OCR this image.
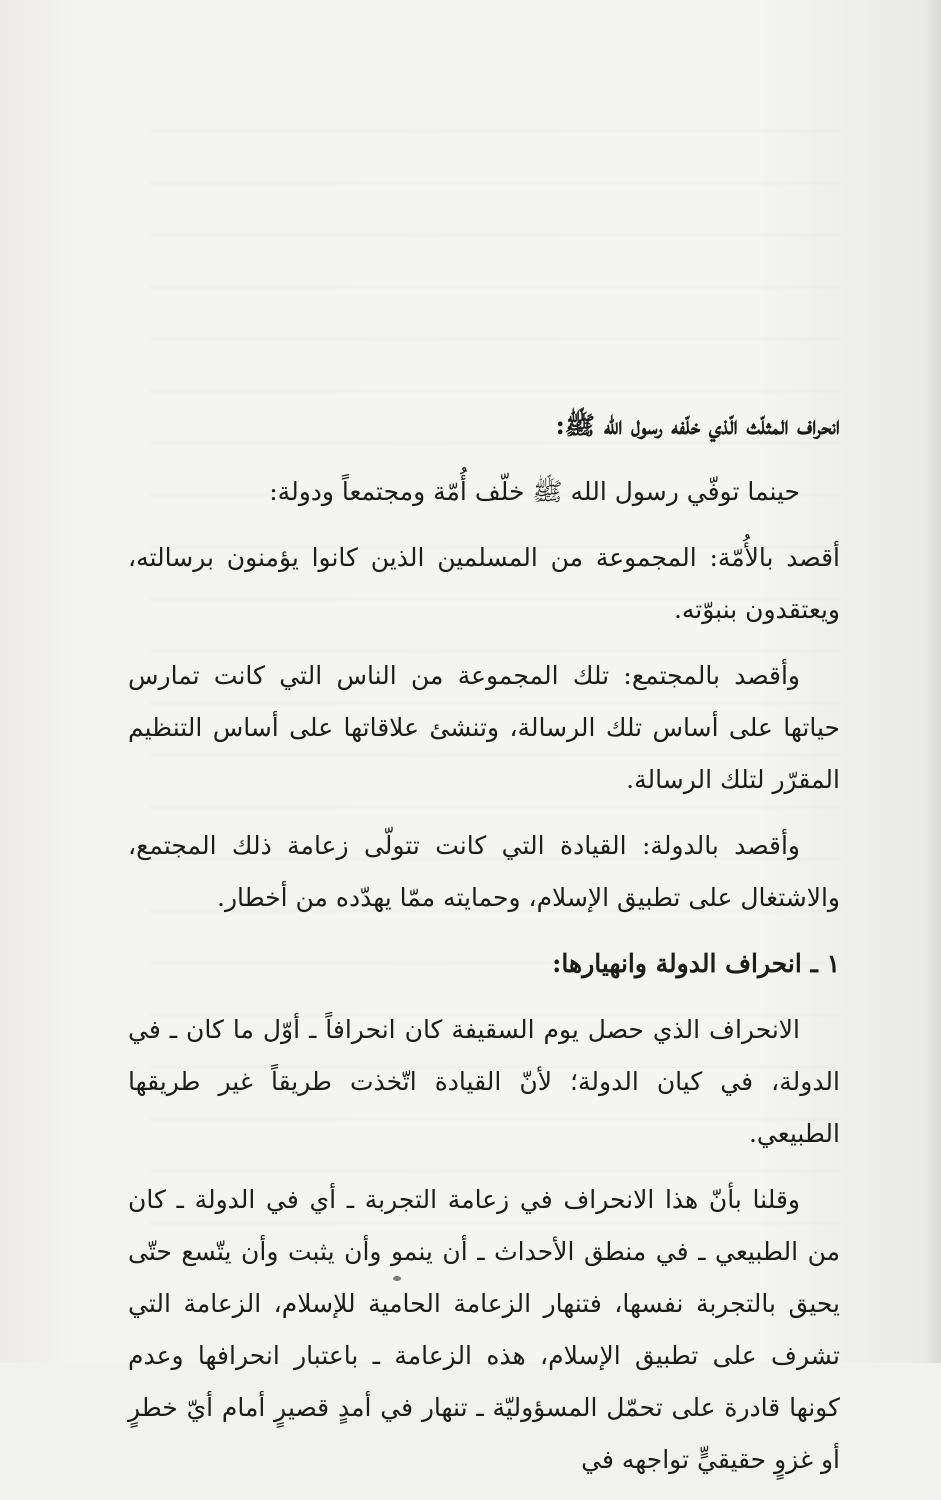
انحراف المثلّث الّذي خلّفه رسول الله ﷺ:

حينما توفّي رسول الله ﷺ خلّف أُمّة ومجتمعاً ودولة:

أقصد بالأُمّة: المجموعة من المسلمين الذين كانوا يؤمنون برسالته، ويعتقدون بنبوّته.

وأقصد بالمجتمع: تلك المجموعة من الناس التي كانت تمارس حياتها على أساس تلك الرسالة، وتنشئ علاقاتها على أساس التنظيم المقرّر لتلك الرسالة.

وأقصد بالدولة: القيادة التي كانت تتولّى زعامة ذلك المجتمع، والاشتغال على تطبيق الإسلام، وحمايته ممّا يهدّده من أخطار.

١ ـ انحراف الدولة وانهيارها:

الانحراف الذي حصل يوم السقيفة كان انحرافاً ـ أوّل ما كان ـ في الدولة، في كيان الدولة؛ لأنّ القيادة اتّخذت طريقاً غير طريقها الطبيعي.

وقلنا بأنّ هذا الانحراف في زعامة التجربة ـ أي في الدولة ـ كان من الطبيعي ـ في منطق الأحداث ـ أن ينمو وأن يثبت وأن يتّسع حتّى يحيق بالتجربة نفسها، فتنهار الزعامة الحامية للإسلام، الزعامة التي تشرف على تطبيق الإسلام، هذه الزعامة ـ باعتبار انحرافها وعدم كونها قادرة على تحمّل المسؤوليّة ـ تنهار في أمدٍ قصيرٍ أمام أيّ خطرٍ أو غزوٍ حقيقيٍّ تواجهه في
